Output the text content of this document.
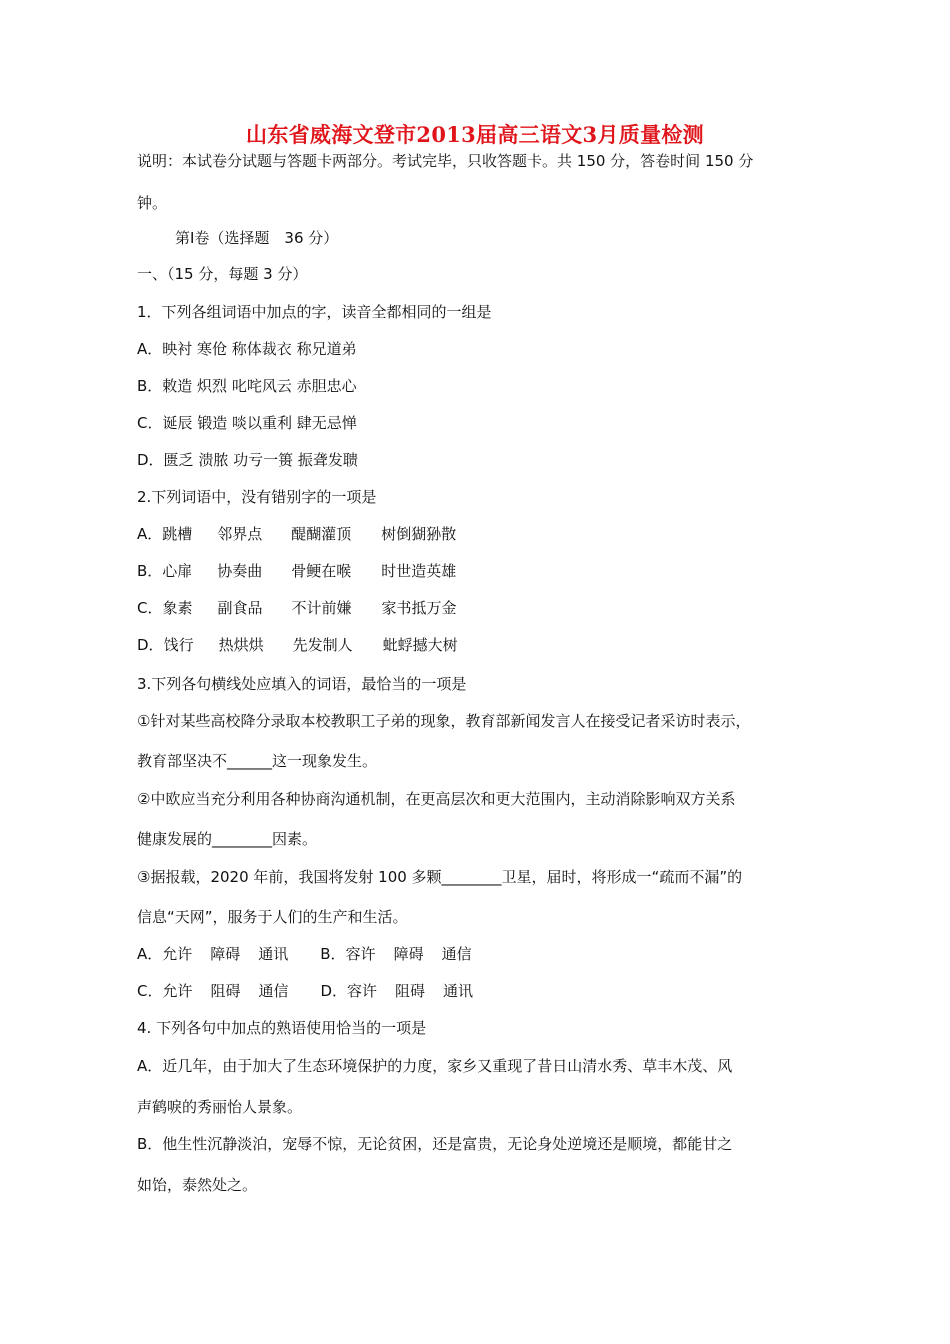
山东省威海文登市2013届高三语文3月质量检测
说明：本试卷分试题与答题卡两部分。考试完毕，只收答题卡。共 150 分，答卷时间 150 分
钟。
第Ⅰ卷（选择题　36 分）
一、（15 分，每题 3 分）
1．下列各组词语中加点的字，读音全都相同的一组是
A．映衬 寒伧 称体裁衣 称兄道弟
B．敕造 炽烈 叱咤风云 赤胆忠心
C．诞辰 锻造 啖以重利 肆无忌惮
D．匮乏 溃脓 功亏一篑 振聋发聩
2.下列词语中，没有错别字的一项是
A．跳槽 邻界点 醍醐灌顶 树倒猢狲散
B．心扉 协奏曲 骨鲠在喉 时世造英雄
C．象素 副食品 不计前嫌 家书抵万金
D．饯行 热烘烘 先发制人 蚍蜉撼大树
3.下列各句横线处应填入的词语，最恰当的一项是
①针对某些高校降分录取本校教职工子弟的现象，教育部新闻发言人在接受记者采访时表示，
教育部坚决不______这一现象发生。
②中欧应当充分利用各种协商沟通机制，在更高层次和更大范围内，主动消除影响双方关系
健康发展的________因素。
③据报载，2020 年前，我国将发射 100 多颗________卫星，届时，将形成一“疏而不漏”的
信息“天网”，服务于人们的生产和生活。
A．允许 障碍 通讯 B．容许 障碍 通信
C．允许 阻碍 通信 D．容许 阻碍 通讯
4. 下列各句中加点的熟语使用恰当的一项是
A．近几年，由于加大了生态环境保护的力度，家乡又重现了昔日山清水秀、草丰木茂、风
声鹤唳的秀丽怡人景象。
B．他生性沉静淡泊，宠辱不惊，无论贫困，还是富贵，无论身处逆境还是顺境，都能甘之
如饴，泰然处之。
